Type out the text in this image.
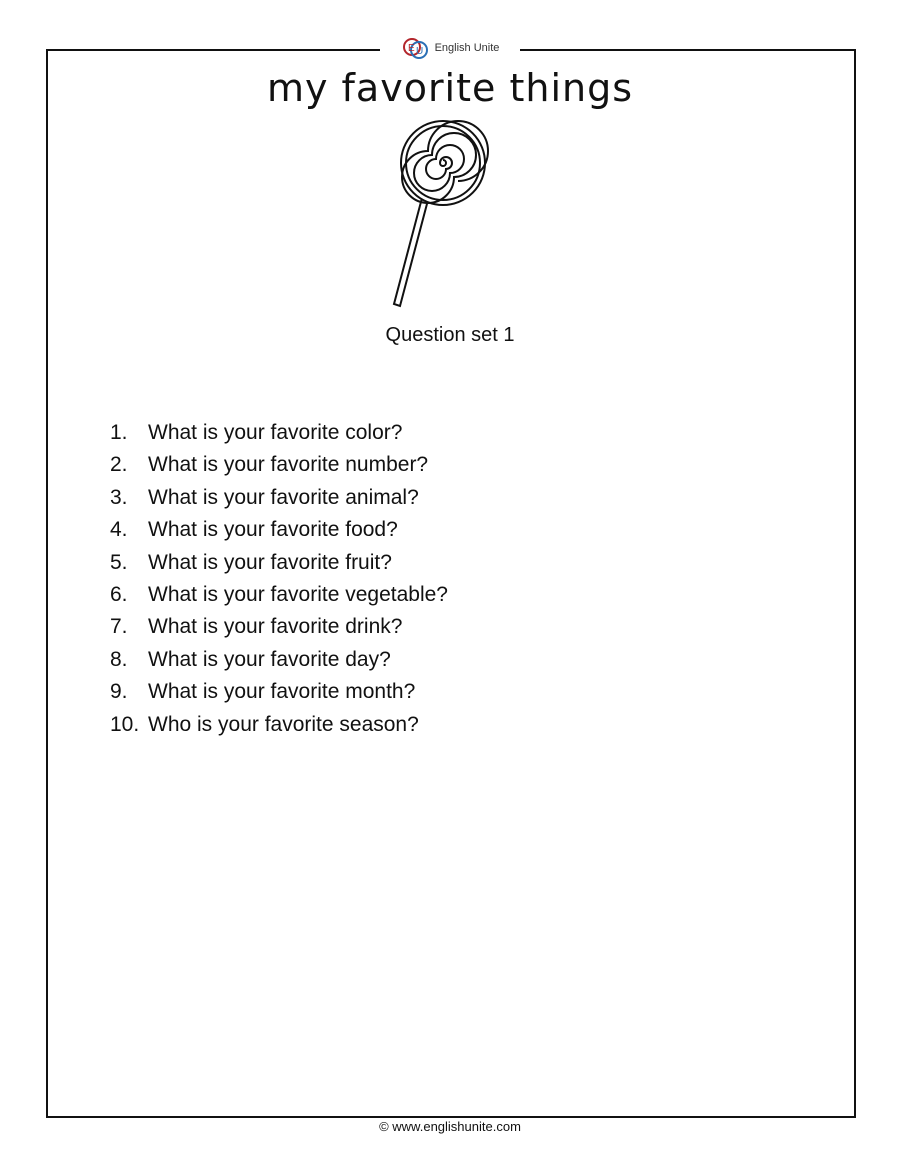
E U English Unite
my favorite things
Question set 1
1. What is your favorite color?
2. What is your favorite number?
3. What is your favorite animal?
4. What is your favorite food?
5. What is your favorite fruit?
6. What is your favorite vegetable?
7. What is your favorite drink?
8. What is your favorite day?
9. What is your favorite month?
10. Who is your favorite season?
© www.englishunite.com
